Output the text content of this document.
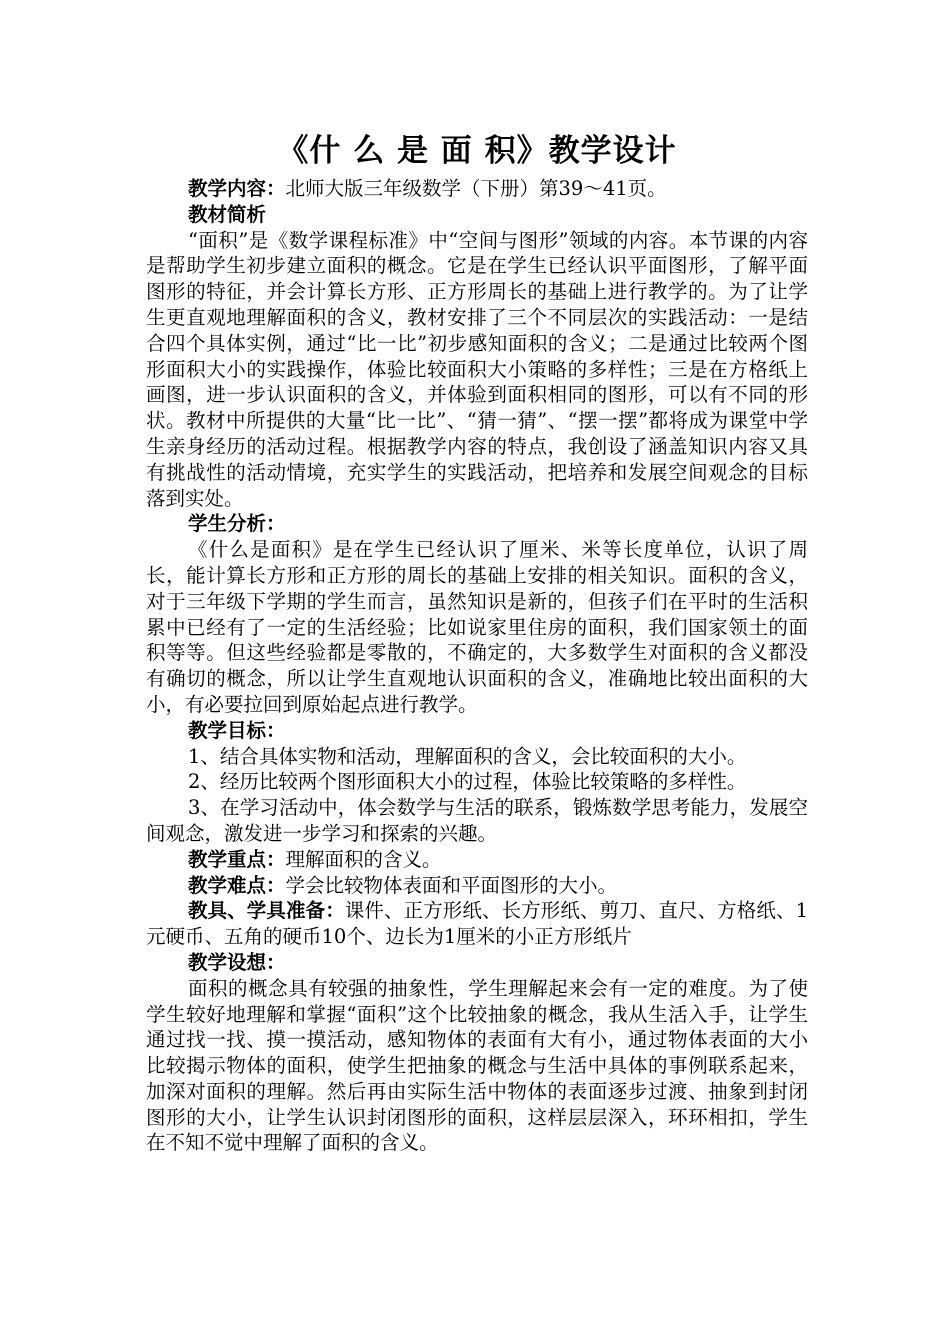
《什 么 是 面 积》教学设计

教学内容：北师大版三年级数学（下册）第39～41页。

教材简析

“面积”是《数学课程标准》中“空间与图形”领域的内容。本节课的内容是帮助学生初步建立面积的概念。它是在学生已经认识平面图形，了解平面图形的特征，并会计算长方形、正方形周长的基础上进行教学的。为了让学生更直观地理解面积的含义，教材安排了三个不同层次的实践活动：一是结合四个具体实例，通过“比一比”初步感知面积的含义；二是通过比较两个图形面积大小的实践操作，体验比较面积大小策略的多样性；三是在方格纸上画图，进一步认识面积的含义，并体验到面积相同的图形，可以有不同的形状。教材中所提供的大量“比一比”、“猜一猜”、“摆一摆”都将成为课堂中学生亲身经历的活动过程。根据教学内容的特点，我创设了涵盖知识内容又具有挑战性的活动情境，充实学生的实践活动，把培养和发展空间观念的目标落到实处。

学生分析：

《什么是面积》是在学生已经认识了厘米、米等长度单位，认识了周长，能计算长方形和正方形的周长的基础上安排的相关知识。面积的含义，对于三年级下学期的学生而言，虽然知识是新的，但孩子们在平时的生活积累中已经有了一定的生活经验；比如说家里住房的面积，我们国家领土的面积等等。但这些经验都是零散的，不确定的，大多数学生对面积的含义都没有确切的概念，所以让学生直观地认识面积的含义，准确地比较出面积的大小，有必要拉回到原始起点进行教学。

教学目标：

1、结合具体实物和活动，理解面积的含义，会比较面积的大小。

2、经历比较两个图形面积大小的过程，体验比较策略的多样性。

3、在学习活动中，体会数学与生活的联系，锻炼数学思考能力，发展空间观念，激发进一步学习和探索的兴趣。

教学重点：理解面积的含义。

教学难点：学会比较物体表面和平面图形的大小。

教具、学具准备：课件、正方形纸、长方形纸、剪刀、直尺、方格纸、1　元硬币、五角的硬币10个、边长为1厘米的小正方形纸片

教学设想：

面积的概念具有较强的抽象性，学生理解起来会有一定的难度。为了使学生较好地理解和掌握“面积”这个比较抽象的概念，我从生活入手，让学生通过找一找、摸一摸活动，感知物体的表面有大有小，通过物体表面的大小比较揭示物体的面积，使学生把抽象的概念与生活中具体的事例联系起来，加深对面积的理解。然后再由实际生活中物体的表面逐步过渡、抽象到封闭图形的大小，让学生认识封闭图形的面积，这样层层深入，环环相扣，学生在不知不觉中理解了面积的含义。
